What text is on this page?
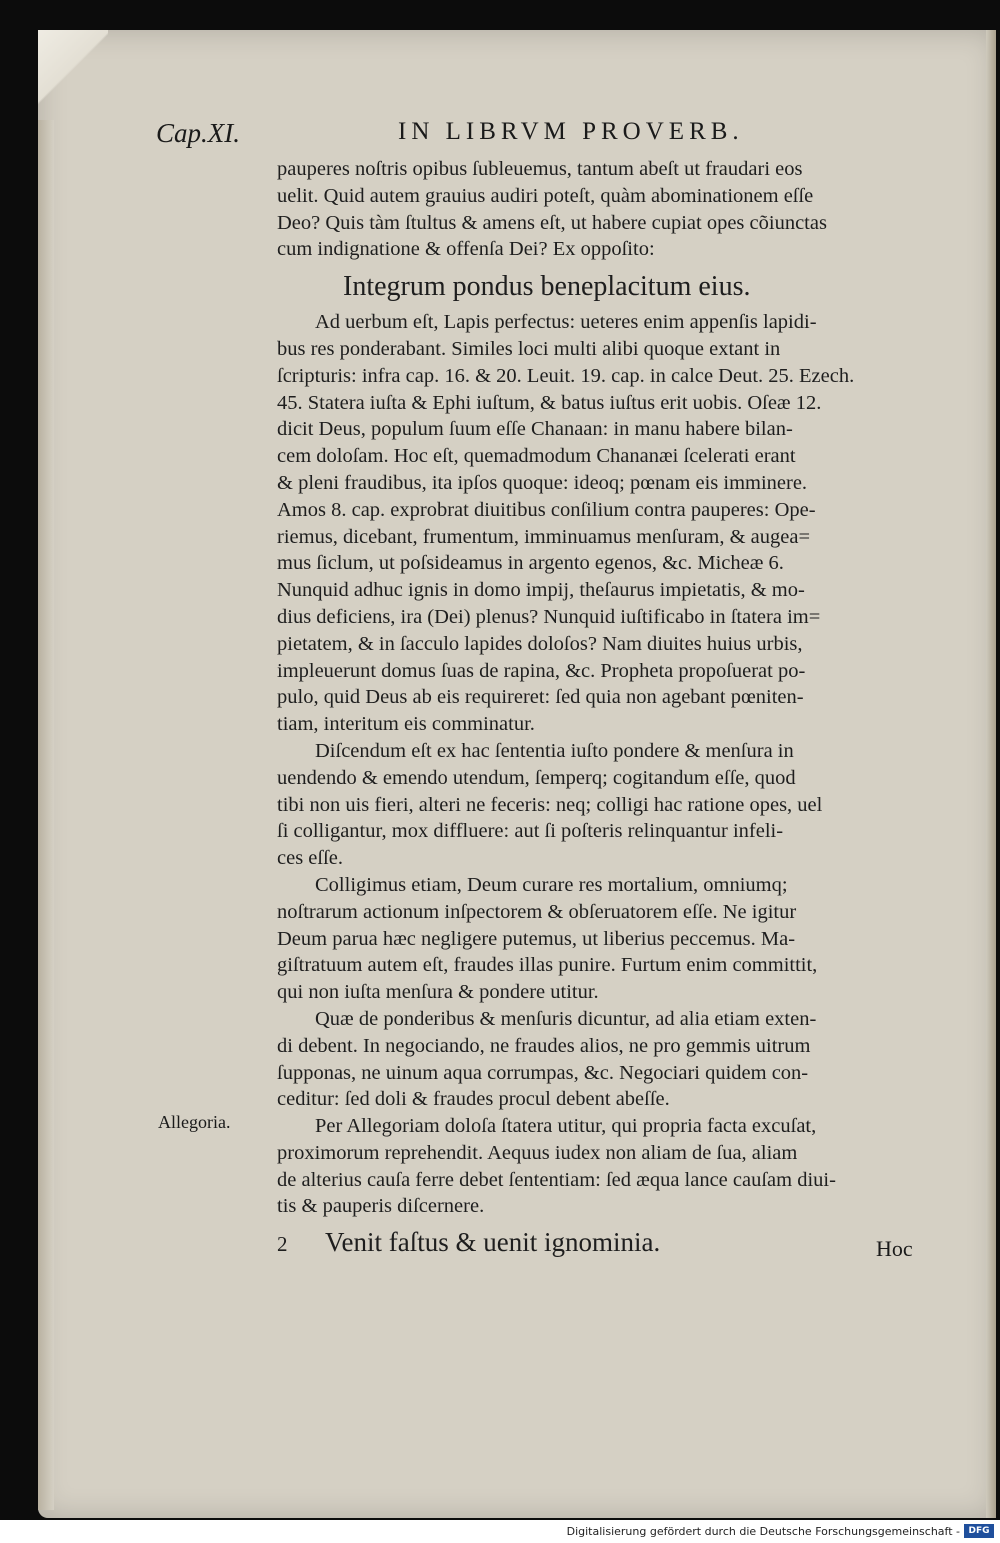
Cap.XI.	IN LIBRVM PROVERB.
pauperes noſtris opibus ſubleuemus, tantum abeſt ut fraudari eos
uelit. Quid autem grauius audiri poteſt, quàm abominationem eſſe
Deo? Quis tàm ſtultus & amens eſt, ut habere cupiat opes cõiunctas
cum indignatione & offenſa Dei? Ex oppoſito:
Integrum pondus beneplacitum eius.
Ad uerbum eſt, Lapis perfectus: ueteres enim appenſis lapidi-
bus res ponderabant. Similes loci multi alibi quoque extant in
ſcripturis: infra cap. 16. & 20. Leuit. 19. cap. in calce Deut. 25. Ezech.
45. Statera iuſta & Ephi iuſtum, & batus iuſtus erit uobis. Oſeæ 12.
dicit Deus, populum ſuum eſſe Chanaan: in manu habere bilan-
cem doloſam. Hoc eſt, quemadmodum Chananæi ſcelerati erant
& pleni fraudibus, ita ipſos quoque: ideoq; pœnam eis imminere.
Amos 8. cap. exprobrat diuitibus conſilium contra pauperes: Ope-
riemus, dicebant, frumentum, imminuamus menſuram, & augea=
mus ſiclum, ut poſsideamus in argento egenos, &c. Micheæ 6.
Nunquid adhuc ignis in domo impij, theſaurus impietatis, & mo-
dius deficiens, ira (Dei) plenus? Nunquid iuſtificabo in ſtatera im=
pietatem, & in ſacculo lapides doloſos? Nam diuites huius urbis,
impleuerunt domus ſuas de rapina, &c. Propheta propoſuerat po-
pulo, quid Deus ab eis requireret: ſed quia non agebant pœniten-
tiam, interitum eis comminatur.
Diſcendum eſt ex hac ſententia iuſto pondere & menſura in
uendendo & emendo utendum, ſemperq; cogitandum eſſe, quod
tibi non uis fieri, alteri ne feceris: neq; colligi hac ratione opes, uel
ſi colligantur, mox diffluere: aut ſi poſteris relinquantur infeli-
ces eſſe.
Colligimus etiam, Deum curare res mortalium, omniumq;
noſtrarum actionum inſpectorem & obſeruatorem eſſe. Ne igitur
Deum parua hæc negligere putemus, ut liberius peccemus. Ma-
giſtratuum autem eſt, fraudes illas punire. Furtum enim committit,
qui non iuſta menſura & pondere utitur.
Quæ de ponderibus & menſuris dicuntur, ad alia etiam exten-
di debent. In negociando, ne fraudes alios, ne pro gemmis uitrum
ſupponas, ne uinum aqua corrumpas, &c. Negociari quidem con-
ceditur: ſed doli & fraudes procul debent abeſſe.
Per Allegoriam doloſa ſtatera utitur, qui propria facta excuſat,
proximorum reprehendit. Aequus iudex non aliam de ſua, aliam
de alterius cauſa ferre debet ſententiam: ſed æqua lance cauſam diui-
tis & pauperis diſcernere.
2 Venit faſtus & uenit ignominia.
Allegoria.
Hoc
Digitalisierung gefördert durch die Deutsche Forschungsgemeinschaft - DFG
